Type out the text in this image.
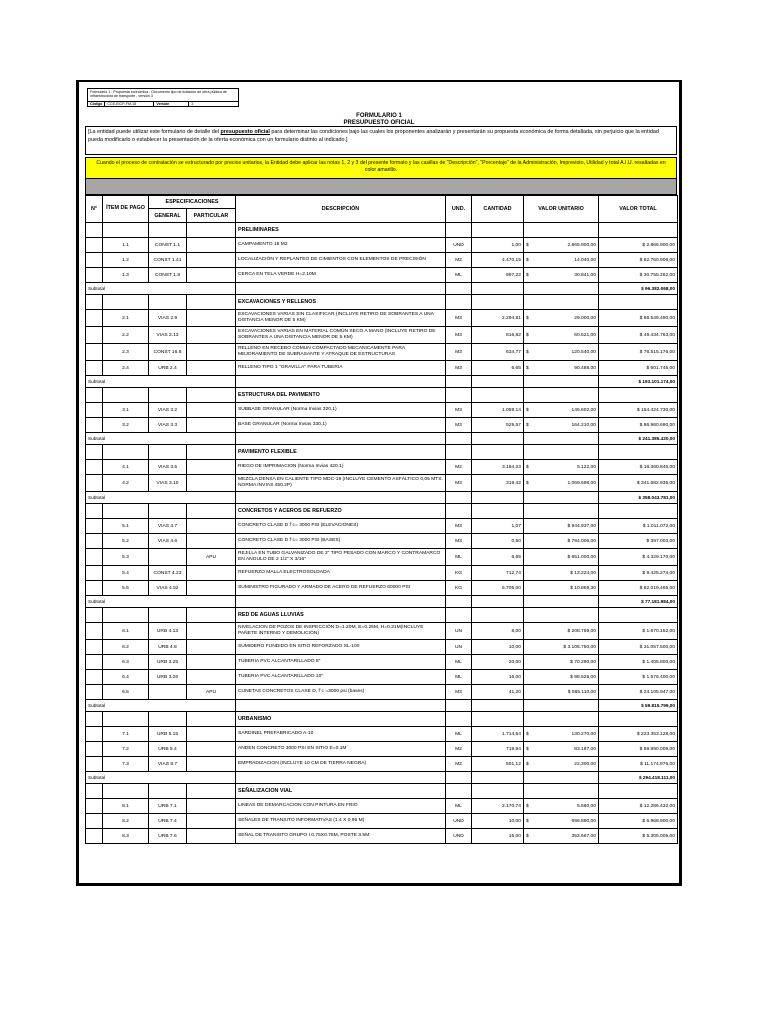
Formulario 1 - Propuesta económica - Documento tipo de licitación de obra pública de infraestructura de transporte - versión 3
Código	CCE-EICP-FM-18	Versión	3
FORMULARIO 1
PRESUPUESTO OFICIAL
[La entidad puede utilizar este formulario de detalle del presupuesto oficial para determinar las condiciones bajo las cuales los proponentes analizarán y presentarán su propuesta económica de forma detallada, sin perjuicio que la entidad pueda modificarlo o establecer la presentación de la oferta económica con un formulario distinto al indicado.]
Cuando el proceso de contratación se estructurado por precios unitarios, la Entidad debe aplicar las notas 1, 2 y 3 del presente formato y las casillas de "Descripción", "Porcentaje" de la Administración, Imprevisto, Utilidad y total A.I.U. resaltadas en color amarillo.
N°	ÍTEM DE PAGO	ESPECIFICACIONES		DESCRIPCIÓN	UND.	CANTIDAD	VALOR UNITARIO	VALOR TOTAL
		GENERAL	PARTICULAR					
				PRELIMINARES				
	1.1	CONST 1.1		CAMPAMENTO 18 M2	UND	1,00	$ 2.865.900,00	$ 2.865.900,00
	1.2	CONST 1.41		LOCALIZACIÓN Y REPLANTEO DE CIMIENTOS CON ELEMENTOS DE PRECISIÓN	M2	4.470,15	$ 14.040,00	$ 62.760.906,00
	1.3	CONST 1.8		CERCA EN TELA VERDE H=2.10M	ML	997,22	$ 30.841,00	$ 30.755.262,00
Subtotal								$ 96.382.068,00
				EXCAVACIONES Y RELLENOS				
	2.1	VIAS 2.9		EXCAVACIONES VARIAS SIN CLASIFICAR (INCLUYE RETIRO DE SOBRANTES A UNA DISTANCIA MENOR DE 5 KM)	M3	2.294,81	$ 29.000,00	$ 66.549.490,00
	2.2	VIAS 2.13		EXCAVACIONES VARIAS EN MATERIAL COMÚN SECO A MANO (INCLUYE RETIRO DE SOBRANTES A UNA DISTANCIA MENOR DE 5 KM)	M3	816,82	$ 60.521,00	$ 49.434.763,00
	2.3	CONST 16.8		RELLENO EN RECEBO COMUN COMPACTADO MECANICAMENTE PARA MEJORAMIENTO DE SUBRASANTE Y ATRAQUE DE ESTRUCTURAS	M3	634,77	$ 120.540,00	$ 76.515.176,00
	2.4	URB 2.4		RELLENO TIPO 1 "GRAVILLA" PARA TUBERIA	M3	6,65	$ 90.488,00	$ 601.745,00
Subtotal								$ 193.101.174,00
				ESTRUCTURA DEL PAVIMENTO				
	3.1	VIAS 3.2		SUBBASE GRANULAR (Norma Invias 320.1)	M3	1.059,14	$ 145.602,00	$ 154.424.730,00
	3.2	VIAS 3.3		BASE GRANULAR (Norma Invias 330.1)	M3	529,57	$ 164.210,00	$ 86.960.690,00
Subtotal								$ 241.385.420,00
				PAVIMENTO FLEXIBLE				
	4.1	VIAS 3.5		RIEGO DE IMPRIMACION (Norma Invias 420.1)	M2	3.194,23	$ 5.122,00	$ 16.360.846,00
	4.2	VIAS 3.10		MEZCLA DENSA EN CALIENTE TIPO MDC-19 (INCLUYE CEMENTO ASFÁLTICO 0,05 MTS. NORMA INVIAS 450.2P)	M3	319,42	$ 1.069.698,00	$ 341.682.935,00
Subtotal								$ 358.043.781,00
				CONCRETOS Y ACEROS DE REFUERZO				
	5.1	VIAS 4.7		CONCRETO CLASE D f´c= 3000 PSI (ELEVACIONES)	M3	1,07	$ 944.937,00	$ 1.011.072,00
	5.2	VIAS 4.6		CONCRETO CLASE D f´c= 3000 PSI (BASES)	M3	0,50	$ 794.006,00	$ 397.003,00
	5.3		APU	REJILLA EN TUBO GALVANIZADO DE 2" TIPO PESADO CON MARCO Y CONTRAMARCO EN ANGULO DE 2 1/2" X 3/16"	ML	6,65	$ 651.000,00	$ 4.329.170,00
	5.4	CONST 4.23		REFUERZO MALLA ELECTROSOLDADA	KG	712,74	$ 13.224,00	$ 9.425.274,00
	5.5	VIAS 4.52		SUMINISTRO FIGURADO Y ARMADO DE ACERO DE REFUERZO 60000 PSI	KG	5.705,00	$ 10.869,30	$ 62.019.465,00
Subtotal								$ 77.181.984,00
				RED DE AGUAS LLUVIAS				
	6.1	URB 4.13		NIVELACION DE POZOS DE INSPECCIÓN D=1.20M, E=0.25M, H=0.31M(INCLUYE PAÑETE INTERNO Y DEMOLICIÓN)	UN	8,00	$ 208.769,00	$ 1.670.152,00
	6.2	URB 4.8		SUMIDERO FUNDIDO EN SITIO REFORZADO SL-100	UN	10,00	$ 3.105.750,00	$ 31.057.500,00
	6.3	URB 3.25		TUBERIA PVC ALCANTARILLADO 8"	ML	20,00	$ 70.290,00	$ 1.405.800,00
	6.4	URB 3.26		TUBERIA PVC ALCANTARILLADO 10"	ML	16,00	$ 98.525,00	$ 1.576.400,00
	6.5		APU	CUNETAS CONCRETOS CLASE D, f´c =3000 psi (bases)	M3	41,20	$ 585.110,00	$ 24.105.947,00
Subtotal								$ 59.815.799,00
				URBANISMO				
	7.1	URB 5.15		SARDINEL PREFABRICADO A-10	ML	1.714,54	$ 130.270,00	$ 223.353.128,00
	7.2	URB 5.4		ANDEN CONCRETO 3000 PSI EN SITIO E=0.1M	M2	719,94	$ 83.187,00	$ 59.890.009,00
	7.3	VIAS 8.7		EMPRADIZACION (INCLUYE 10 CM DE TIERRA NEGRA)	M2	501,12	$ 22.300,00	$ 11.174.976,00
Subtotal								$ 294.418.111,00
				SEÑALIZACION VIAL				
	8.1	URB 7.1		LINEAS DE DEMARCACION CON PINTURA EN FRIO	ML	2.170,74	$ 5.660,00	$ 12.286.432,00
	8.2	URB 7.4		SEÑALES DE TRANSITO INFORMATIVAS (1.4 X 0.95 M)	UND	10,00	$ 696.890,00	$ 6.968.900,00
	8.3	URB 7.6		SEÑAL DE TRANSITO GRUPO I 0.75X0.75M, POSTE 3.5M	UND	15,00	$ 353.667,00	$ 5.305.005,00
